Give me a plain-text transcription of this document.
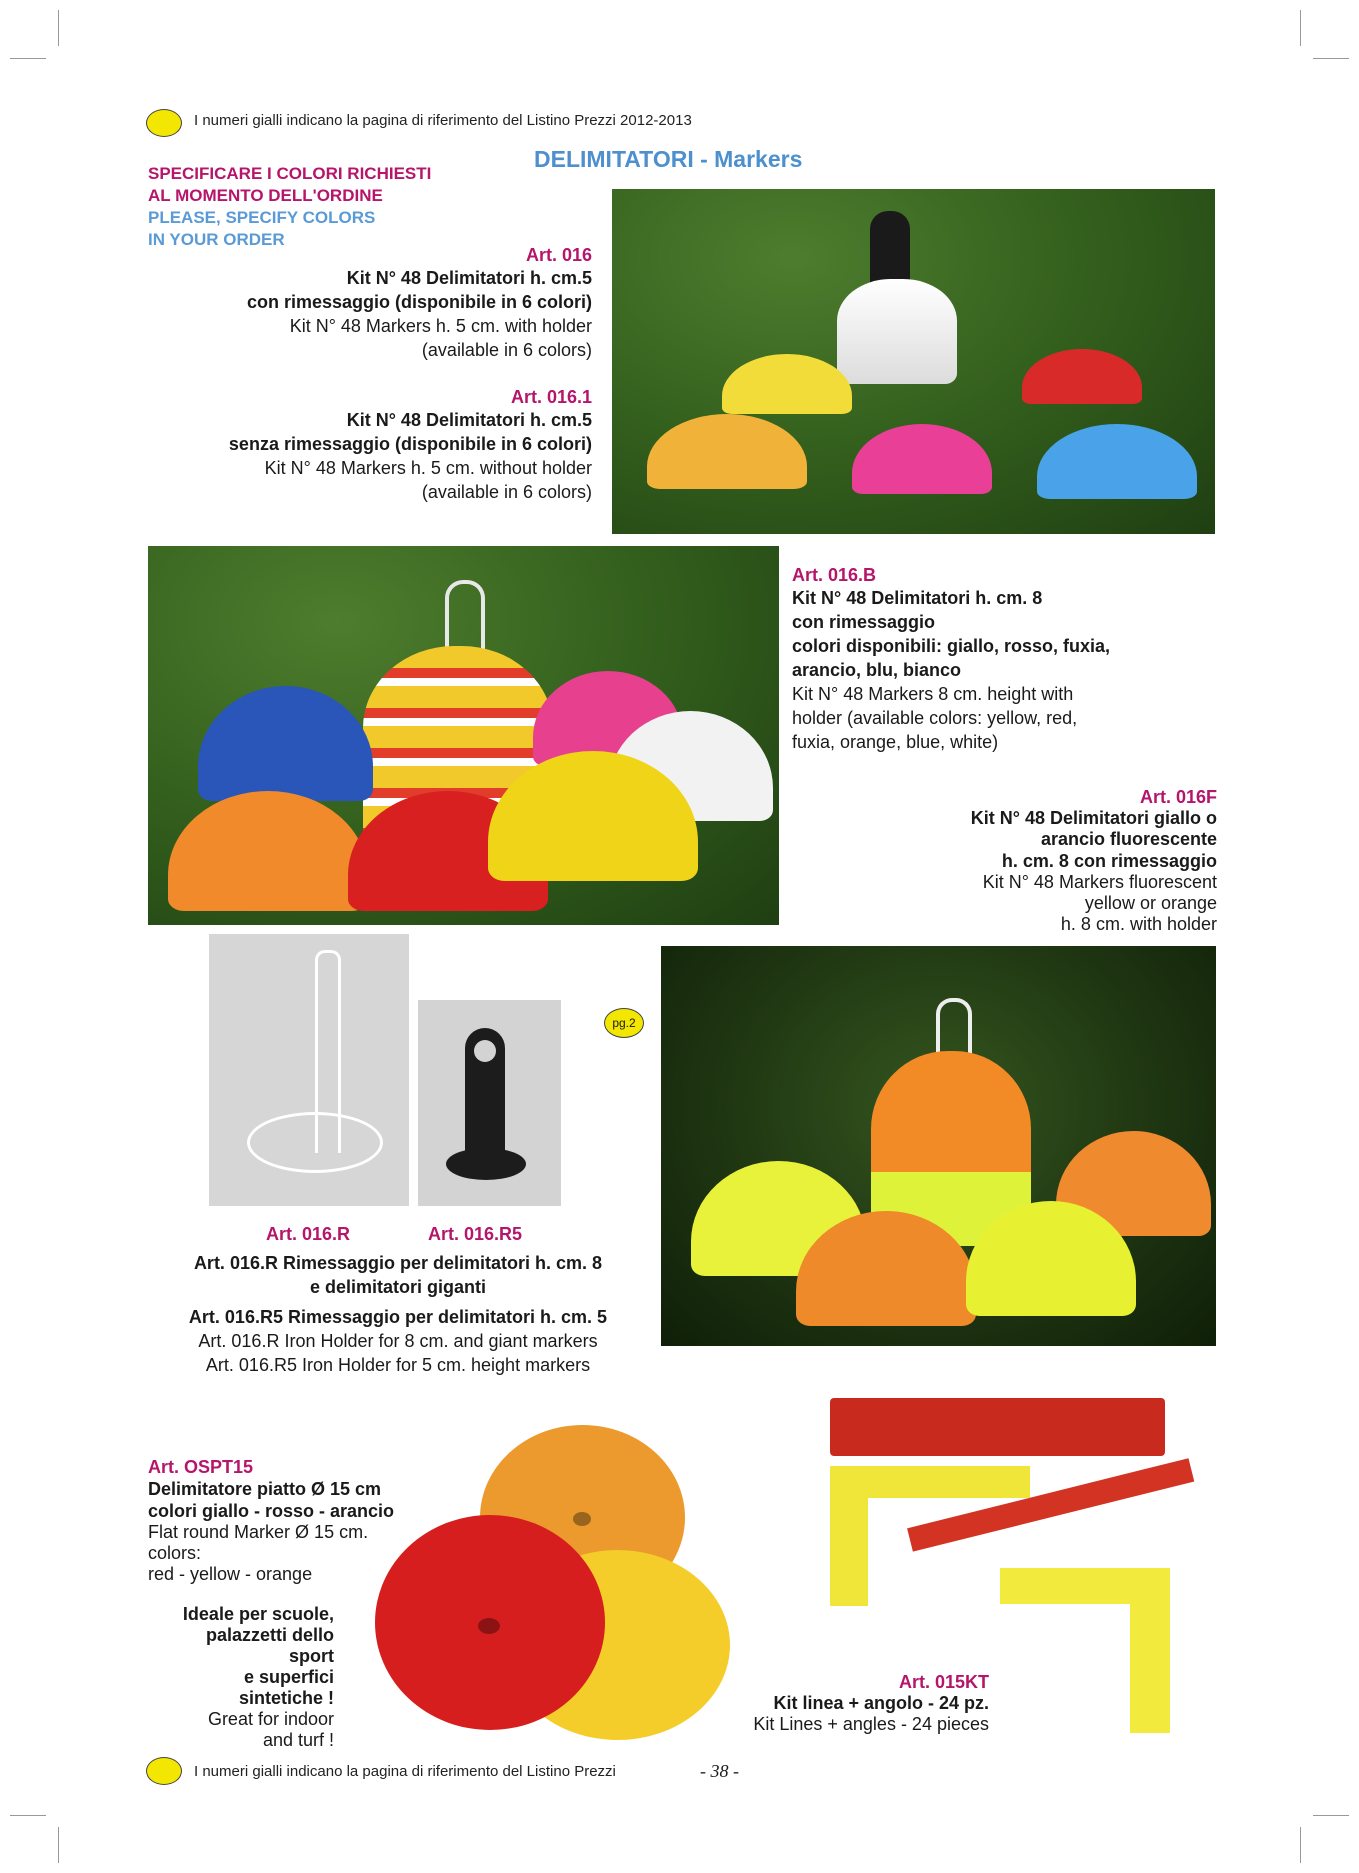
I numeri gialli indicano la pagina di riferimento del Listino Prezzi 2012-2013
DELIMITATORI - Markers
SPECIFICARE I COLORI RICHIESTI
AL MOMENTO DELL'ORDINE
PLEASE, SPECIFY COLORS
IN YOUR ORDER
Art. 016
Kit N° 48 Delimitatori h. cm.5
con rimessaggio (disponibile in 6 colori)
Kit N° 48 Markers h. 5 cm. with holder
(available in 6 colors)
Art. 016.1
Kit N° 48 Delimitatori h. cm.5
senza rimessaggio (disponibile in 6 colori)
Kit N° 48 Markers h. 5 cm. without holder
(available in 6 colors)
Art. 016.B
Kit N° 48 Delimitatori h. cm. 8
con rimessaggio
colori disponibili: giallo, rosso, fuxia,
arancio, blu, bianco
Kit N° 48 Markers 8 cm. height with
holder (available colors: yellow, red,
fuxia, orange, blue, white)
Art. 016F
Kit N° 48 Delimitatori giallo o
arancio fluorescente
h. cm. 8 con rimessaggio
Kit N° 48 Markers fluorescent
yellow or orange
h. 8 cm. with holder
pg.2
Art. 016.R	Art. 016.R5
Art. 016.R Rimessaggio per delimitatori h. cm. 8
e delimitatori giganti
Art. 016.R5 Rimessaggio per delimitatori h. cm. 5
Art. 016.R Iron Holder for 8 cm. and giant markers
Art. 016.R5 Iron Holder for 5 cm. height markers
Art. OSPT15
Delimitatore piatto Ø 15 cm
colori giallo - rosso - arancio
Flat round Marker Ø 15 cm.
colors:
red - yellow - orange
Ideale per scuole,
palazzetti dello
sport
e superfici
sintetiche !
Great for indoor
and turf !
Art. 015KT
Kit linea + angolo - 24 pz.
Kit Lines + angles - 24 pieces
I numeri gialli indicano la pagina di riferimento del Listino Prezzi	- 38 -
